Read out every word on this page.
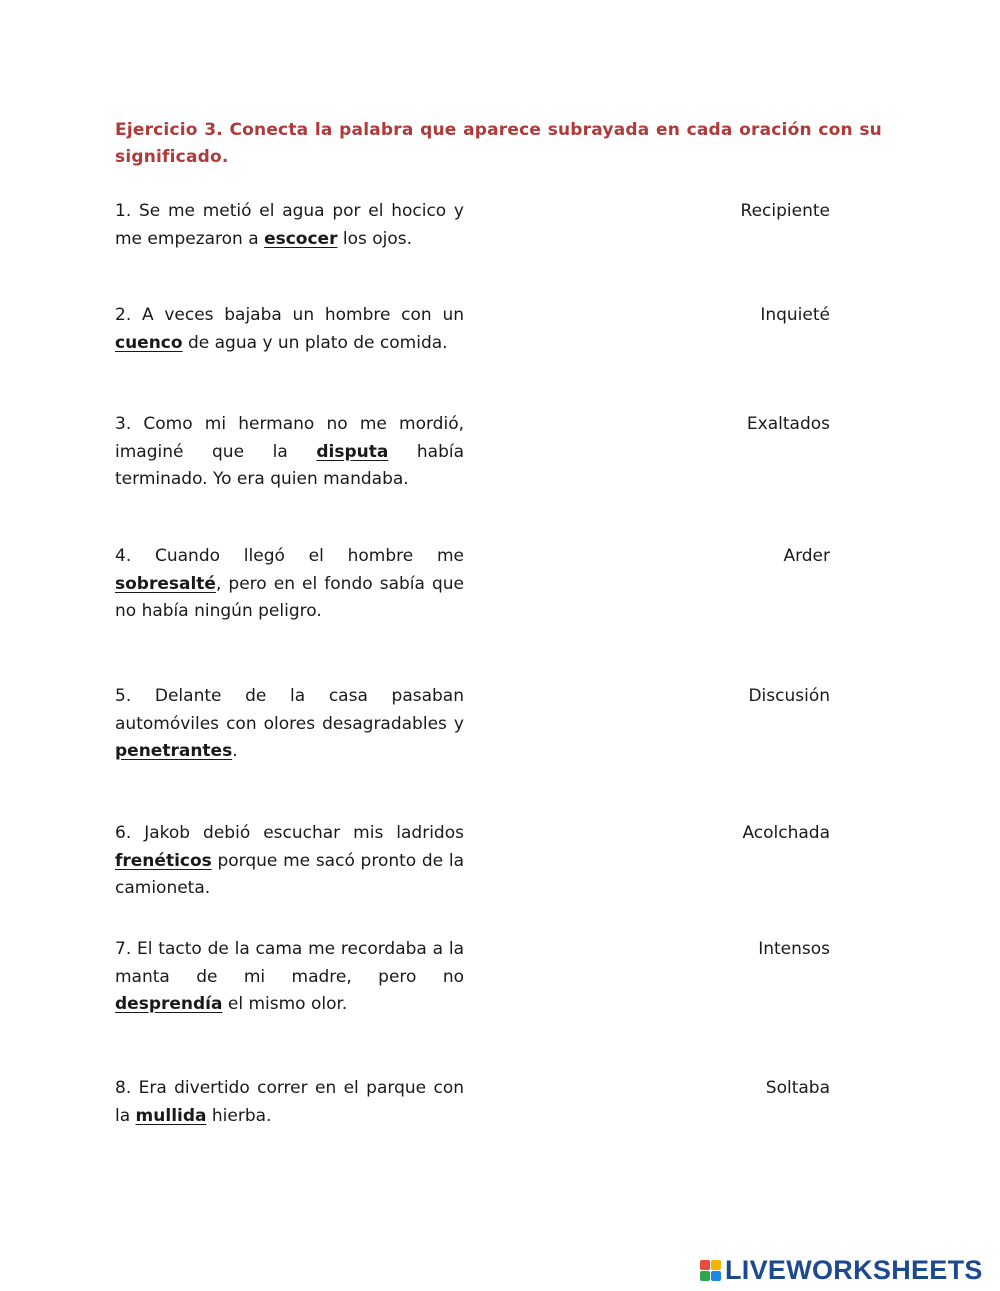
Ejercicio 3. Conecta la palabra que aparece subrayada en cada oración con su significado.
1. Se me metió el agua por el hocico y me empezaron a escocer los ojos.
2. A veces bajaba un hombre con un cuenco de agua y un plato de comida.
3. Como mi hermano no me mordió, imaginé que la disputa había terminado. Yo era quien mandaba.
4. Cuando llegó el hombre me sobresalté, pero en el fondo sabía que no había ningún peligro.
5. Delante de la casa pasaban automóviles con olores desagradables y penetrantes.
6. Jakob debió escuchar mis ladridos frenéticos porque me sacó pronto de la camioneta.
7. El tacto de la cama me recordaba a la manta de mi madre, pero no desprendía el mismo olor.
8. Era divertido correr en el parque con la mullida hierba.
Recipiente
Inquieté
Exaltados
Arder
Discusión
Acolchada
Intensos
Soltaba
LIVEWORKSHEETS
